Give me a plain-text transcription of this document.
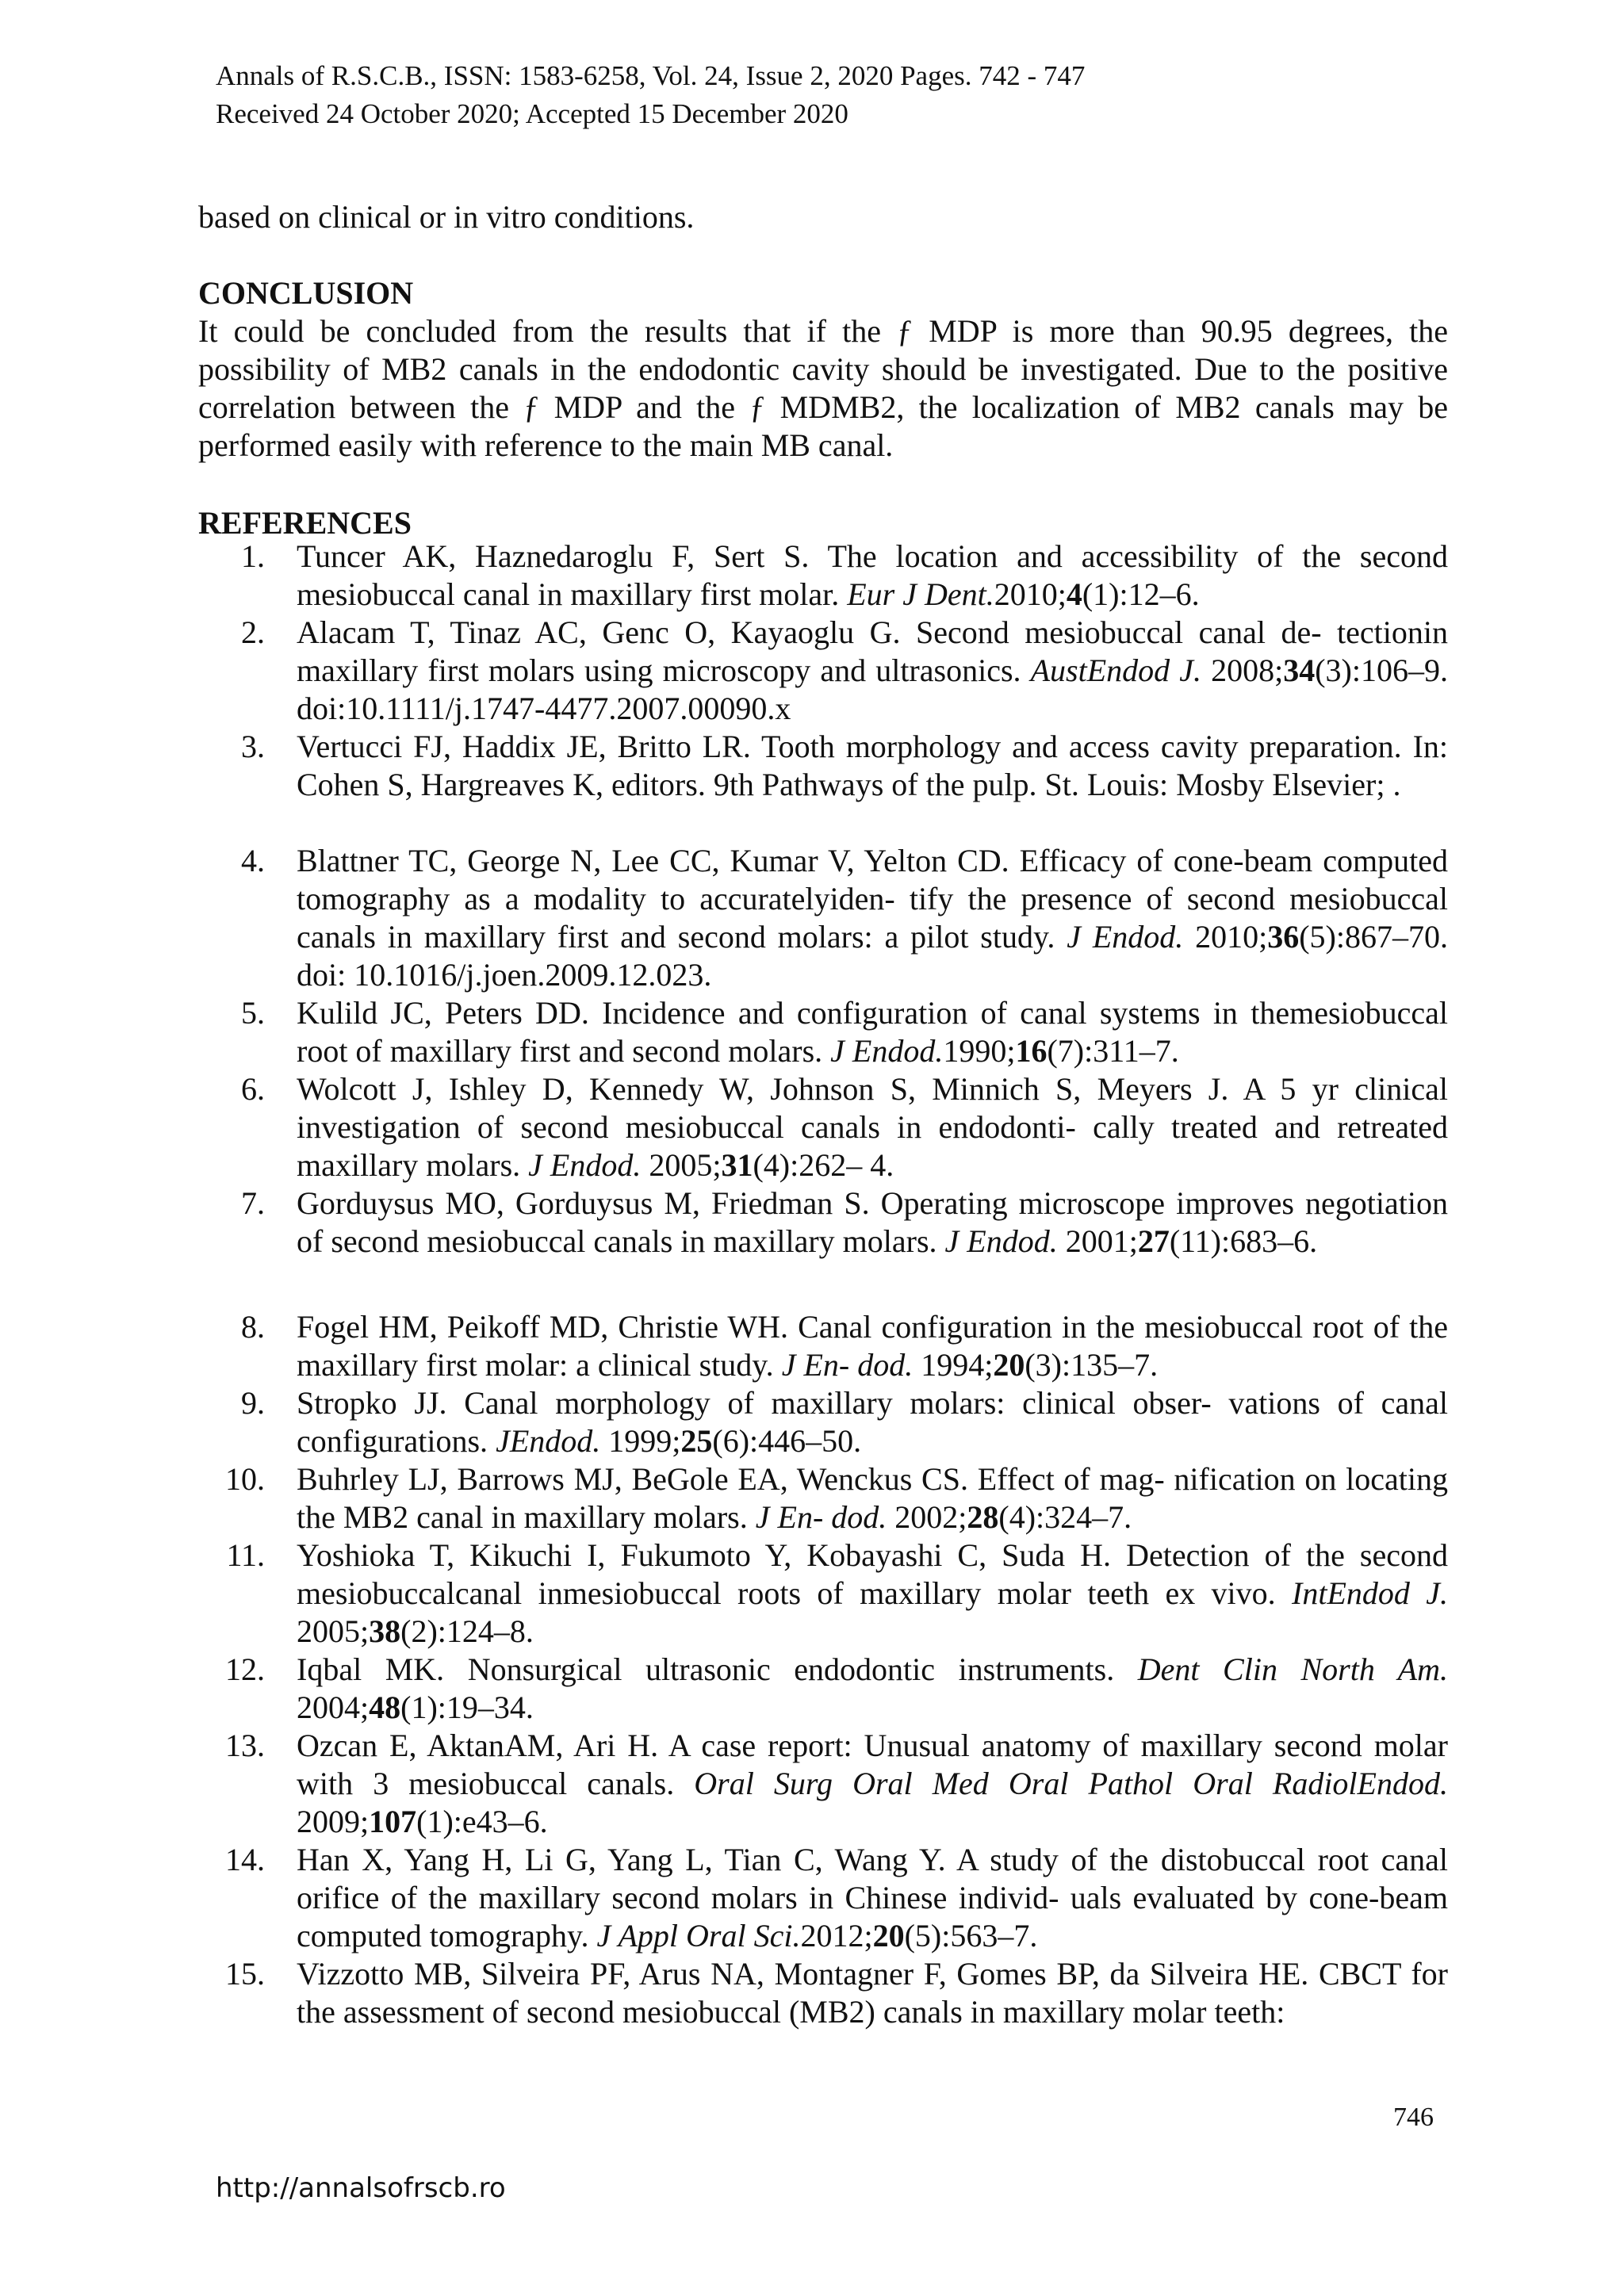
Annals of R.S.C.B., ISSN: 1583-6258, Vol. 24, Issue 2, 2020 Pages. 742 - 747
Received 24 October 2020; Accepted 15 December 2020
based on clinical or in vitro conditions.
CONCLUSION
It could be concluded from the results that if the ƒ MDP is more than 90.95 degrees, the possibility of MB2 canals in the endodontic cavity should be investigated. Due to the positive correlation between the ƒ MDP and the ƒ MDMB2, the localization of MB2 canals may be performed easily with reference to the main MB canal.
REFERENCES
1. Tuncer AK, Haznedaroglu F, Sert S. The location and accessibility of the second mesiobuccal canal in maxillary first molar. Eur J Dent.2010;4(1):12–6.
2. Alacam T, Tinaz AC, Genc O, Kayaoglu G. Second mesiobuccal canal de- tectionin maxillary first molars using microscopy and ultrasonics. AustEndod J. 2008;34(3):106–9. doi:10.1111/j.1747-4477.2007.00090.x
3. Vertucci FJ, Haddix JE, Britto LR. Tooth morphology and access cavity preparation. In: Cohen S, Hargreaves K, editors. 9th Pathways of the pulp. St. Louis: Mosby Elsevier; .
4. Blattner TC, George N, Lee CC, Kumar V, Yelton CD. Efficacy of cone-beam computed tomography as a modality to accuratelyiden- tify the presence of second mesiobuccal canals in maxillary first and second molars: a pilot study. J Endod. 2010;36(5):867–70. doi: 10.1016/j.joen.2009.12.023.
5. Kulild JC, Peters DD. Incidence and configuration of canal systems in themesiobuccal root of maxillary first and second molars. J Endod.1990;16(7):311–7.
6. Wolcott J, Ishley D, Kennedy W, Johnson S, Minnich S, Meyers J. A 5 yr clinical investigation of second mesiobuccal canals in endodonti- cally treated and retreated maxillary molars. J Endod. 2005;31(4):262– 4.
7. Gorduysus MO, Gorduysus M, Friedman S. Operating microscope improves negotiation of second mesiobuccal canals in maxillary molars. J Endod. 2001;27(11):683–6.
8. Fogel HM, Peikoff MD, Christie WH. Canal configuration in the mesiobuccal root of the maxillary first molar: a clinical study. J En- dod. 1994;20(3):135–7.
9. Stropko JJ. Canal morphology of maxillary molars: clinical obser- vations of canal configurations. JEndod. 1999;25(6):446–50.
10. Buhrley LJ, Barrows MJ, BeGole EA, Wenckus CS. Effect of mag- nification on locating the MB2 canal in maxillary molars. J En- dod. 2002;28(4):324–7.
11. Yoshioka T, Kikuchi I, Fukumoto Y, Kobayashi C, Suda H. Detection of the second mesiobuccalcanal inmesiobuccal roots of maxillary molar teeth ex vivo. IntEndod J. 2005;38(2):124–8.
12. Iqbal MK. Nonsurgical ultrasonic endodontic instruments. Dent Clin North Am. 2004;48(1):19–34.
13. Ozcan E, AktanAM, Ari H. A case report: Unusual anatomy of maxillary second molar with 3 mesiobuccal canals. Oral Surg Oral Med Oral Pathol Oral RadiolEndod. 2009;107(1):e43–6.
14. Han X, Yang H, Li G, Yang L, Tian C, Wang Y. A study of the distobuccal root canal orifice of the maxillary second molars in Chinese individ- uals evaluated by cone-beam computed tomography. J Appl Oral Sci.2012;20(5):563–7.
15. Vizzotto MB, Silveira PF, Arus NA, Montagner F, Gomes BP, da Silveira HE. CBCT for the assessment of second mesiobuccal (MB2) canals in maxillary molar teeth:
746
http://annalsofrscb.ro
